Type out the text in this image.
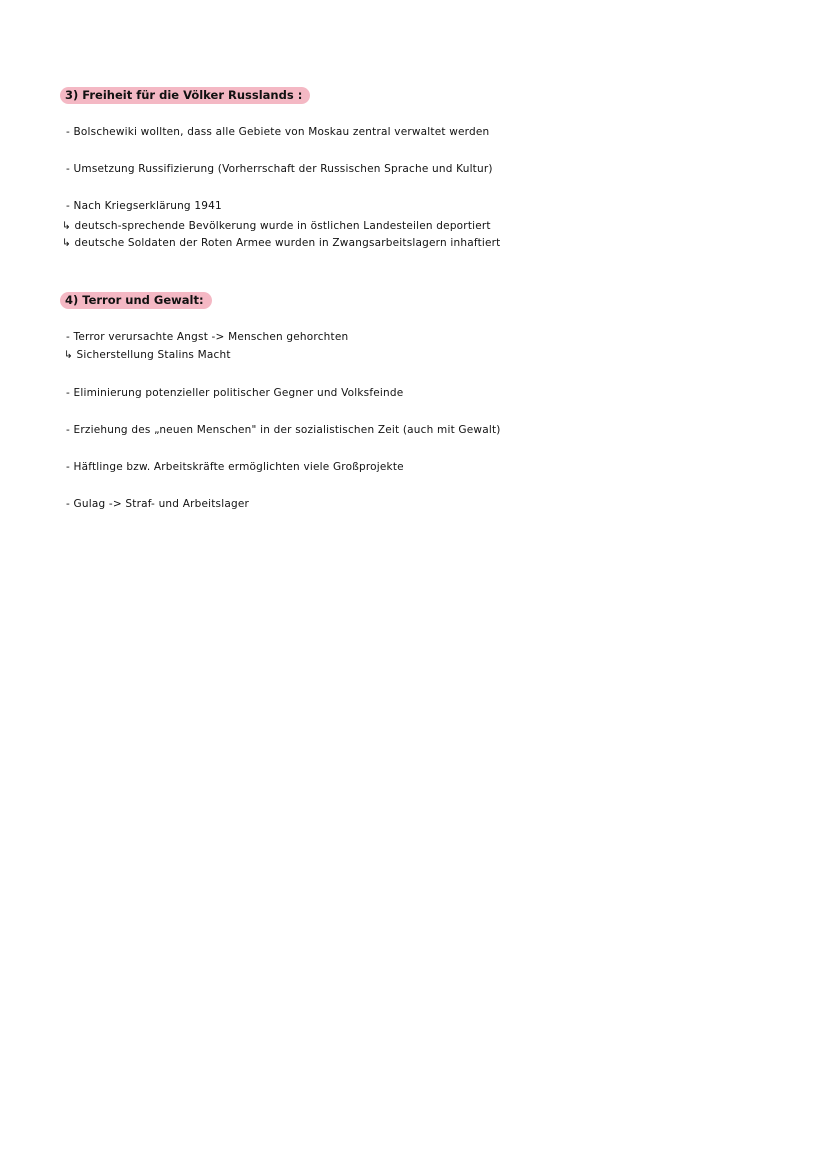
3) Freiheit für die Völker Russlands :
- Bolschewiki wollten, dass alle Gebiete von Moskau zentral verwaltet werden
- Umsetzung Russifizierung (Vorherrschaft der Russischen Sprache und Kultur)
- Nach Kriegserklärung 1941
↳ deutsch-sprechende Bevölkerung wurde in östlichen Landesteilen deportiert
↳ deutsche Soldaten der Roten Armee wurden in Zwangsarbeitslagern inhaftiert
4) Terror und Gewalt:
- Terror verursachte Angst -> Menschen gehorchten
↳ Sicherstellung Stalins Macht
- Eliminierung potenzieller politischer Gegner und Volksfeinde
- Erziehung des „neuen Menschen" in der sozialistischen Zeit (auch mit Gewalt)
- Häftlinge bzw. Arbeitskräfte ermöglichten viele Großprojekte
- Gulag -> Straf- und Arbeitslager
